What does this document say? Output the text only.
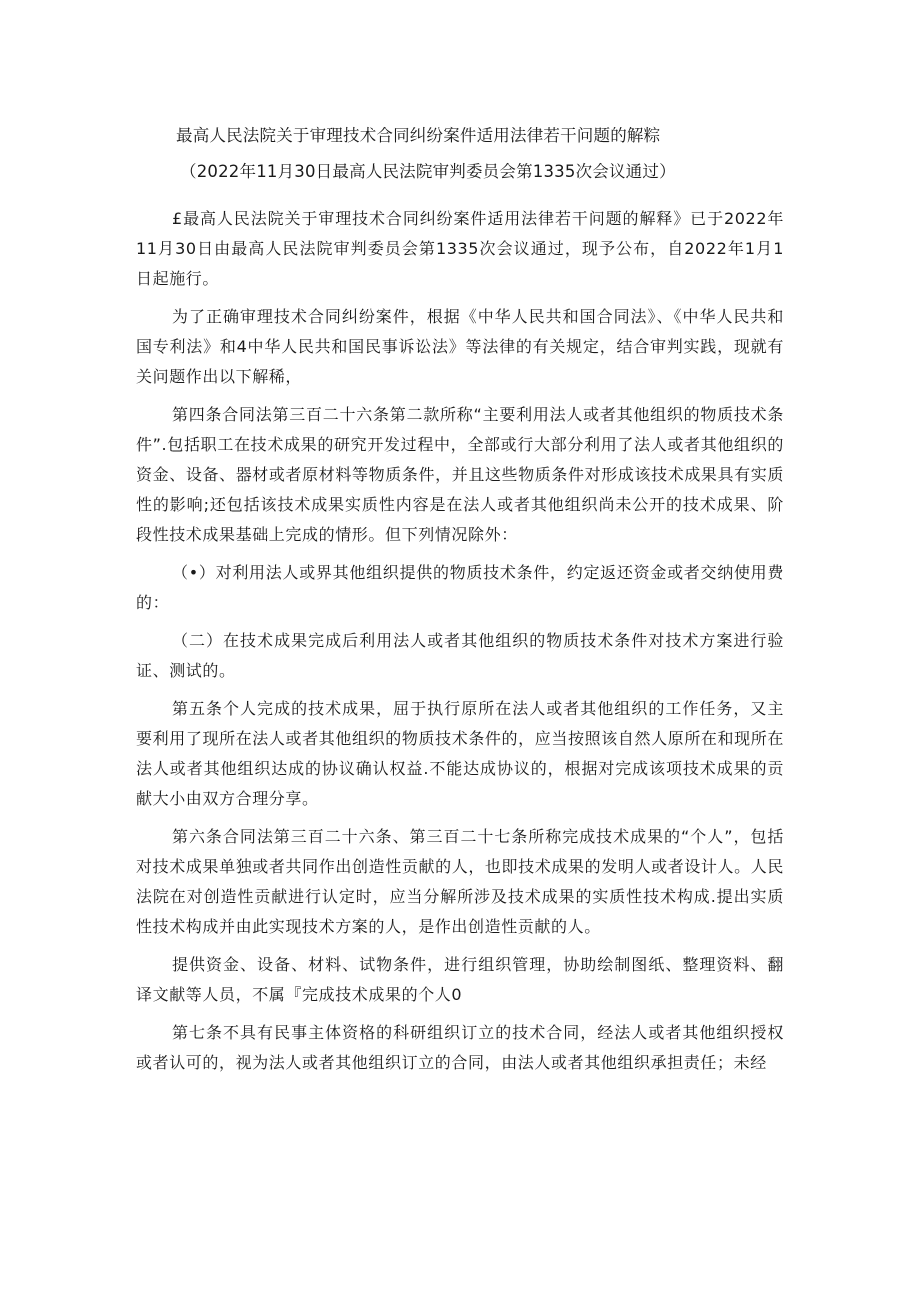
最高人民法院关于审理技术合同纠纷案件适用法律若干问题的解粽

（2022年11月30日最高人民法院审判委员会第1335次会议通过）

£最高人民法院关于审理技术合同纠纷案件适用法律若干问题的解释》已于2022年11月30日由最高人民法院审判委员会第1335次会议通过，现予公布，自2022年1月1日起施行。

为了正确审理技术合同纠纷案件，根据《中华人民共和国合同法》、《中华人民共和国专利法》和4中华人民共和国民事诉讼法》等法律的有关规定，结合审判实践，现就有关问题作出以下解稀，

第四条合同法第三百二十六条第二款所称“主要利用法人或者其他组织的物质技术条件”.包括职工在技术成果的研究开发过程中，全部或行大部分利用了法人或者其他组织的资金、设备、器材或者原材料等物质条件，并且这些物质条件对形成该技术成果具有实质性的影响;还包括该技术成果实质性内容是在法人或者其他组织尚未公开的技术成果、阶段性技术成果基础上完成的情形。但下列情况除外：

（•）对利用法人或界其他组织提供的物质技术条件，约定返还资金或者交纳使用费的：

（二）在技术成果完成后利用法人或者其他组织的物质技术条件对技术方案进行验证、测试的。

第五条个人完成的技术成果，屈于执行原所在法人或者其他组织的工作任务，又主要利用了现所在法人或者其他组织的物质技术条件的，应当按照该自然人原所在和现所在法人或者其他组织达成的协议确认权益.不能达成协议的，根据对完成该项技术成果的贡献大小由双方合理分享。

第六条合同法第三百二十六条、第三百二十七条所称完成技术成果的“个人”，包括对技术成果单独或者共同作出创造性贡献的人，也即技术成果的发明人或者设计人。人民法院在对创造性贡献进行认定时，应当分解所涉及技术成果的实质性技术构成.提出实质性技术构成并由此实现技术方案的人，是作出创造性贡献的人。

提供资金、设备、材料、试物条件，进行组织管理，协助绘制图纸、整理资料、翻译文献等人员，不属『完成技术成果的个人0

第七条不具有民事主体资格的科研组织订立的技术合同，经法人或者其他组织授权或者认可的，视为法人或者其他组织订立的合同，由法人或者其他组织承担责任；未经
